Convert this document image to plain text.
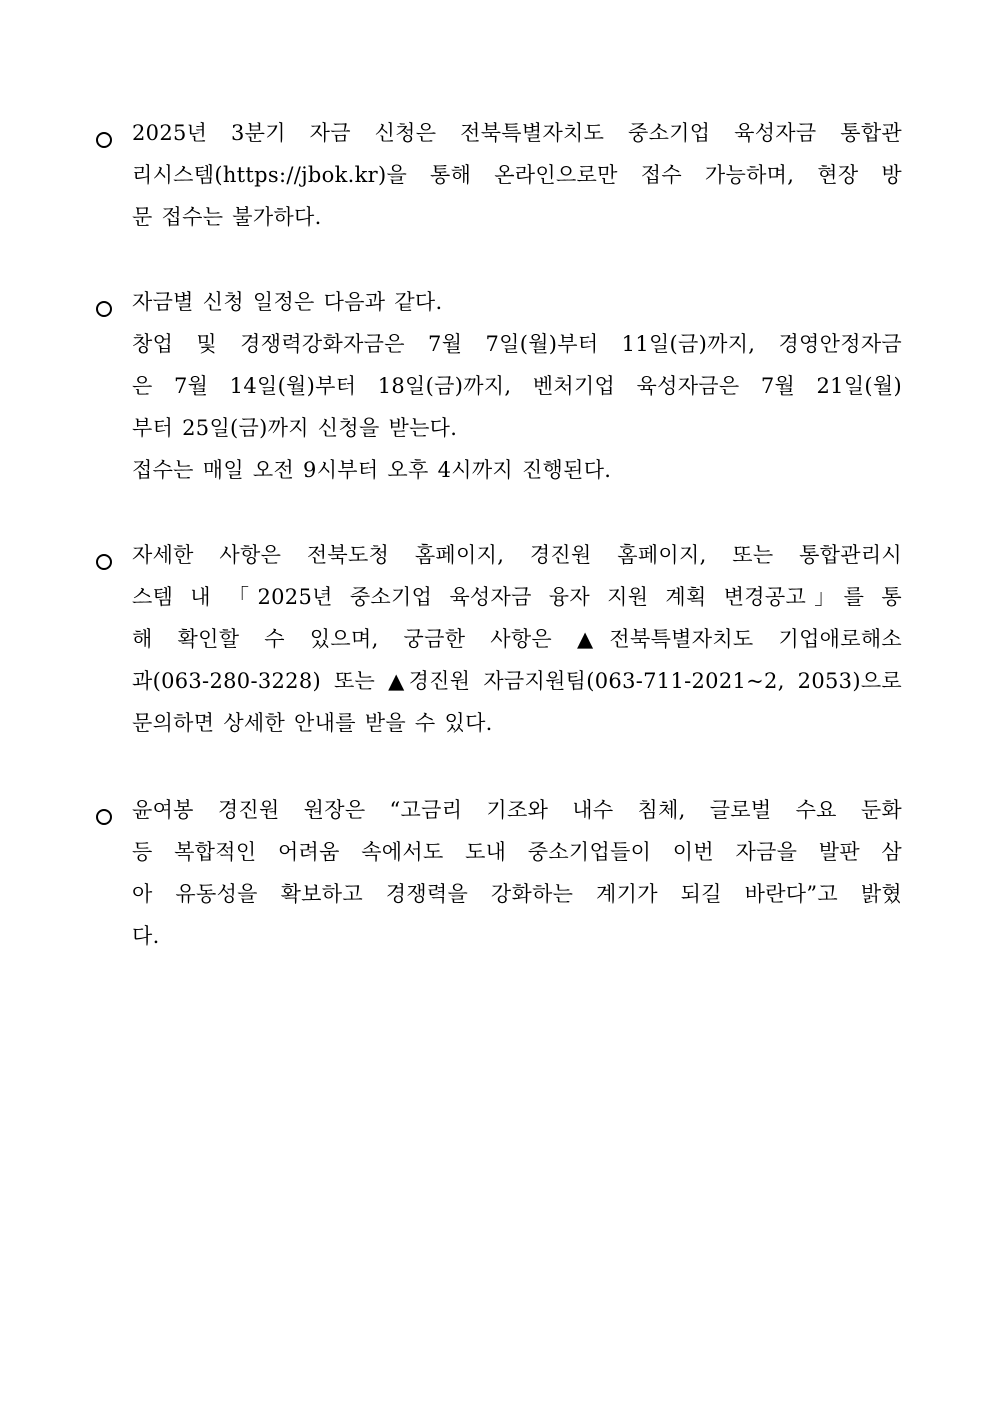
2025년 3분기 자금 신청은 전북특별자치도 중소기업 육성자금 통합관
리시스템(https://jbok.kr)을 통해 온라인으로만 접수 가능하며, 현장 방
문 접수는 불가하다.
자금별 신청 일정은 다음과 같다.
창업 및 경쟁력강화자금은 7월 7일(월)부터 11일(금)까지, 경영안정자금
은 7월 14일(월)부터 18일(금)까지, 벤처기업 육성자금은 7월 21일(월)
부터 25일(금)까지 신청을 받는다.
접수는 매일 오전 9시부터 오후 4시까지 진행된다.
자세한 사항은 전북도청 홈페이지, 경진원 홈페이지, 또는 통합관리시
스템 내 「2025년 중소기업 육성자금 융자 지원 계획 변경공고」를 통
해 확인할 수 있으며, 궁금한 사항은 ▲전북특별자치도 기업애로해소
과(063-280-3228) 또는 ▲경진원 자금지원팀(063-711-2021~2, 2053)으로
문의하면 상세한 안내를 받을 수 있다.
윤여봉 경진원 원장은 “고금리 기조와 내수 침체, 글로벌 수요 둔화
등 복합적인 어려움 속에서도 도내 중소기업들이 이번 자금을 발판 삼
아 유동성을 확보하고 경쟁력을 강화하는 계기가 되길 바란다”고 밝혔
다.
